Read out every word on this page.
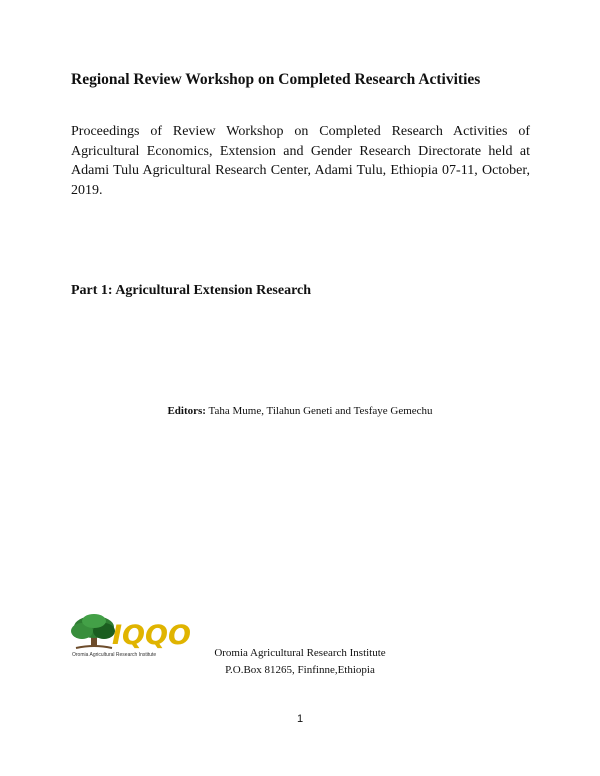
Regional Review Workshop on Completed Research Activities
Proceedings of Review Workshop on Completed Research Activities of Agricultural Economics, Extension and Gender Research Directorate held at Adami Tulu Agricultural Research Center, Adami Tulu, Ethiopia 07-11, October, 2019.
Part 1: Agricultural Extension Research
Editors: Taha Mume, Tilahun Geneti and Tesfaye Gemechu
IQQO
Oromia Agricultural Research Institute	Oromia Agricultural Research Institute
P.O.Box 81265, Finfinne,Ethiopia
1
